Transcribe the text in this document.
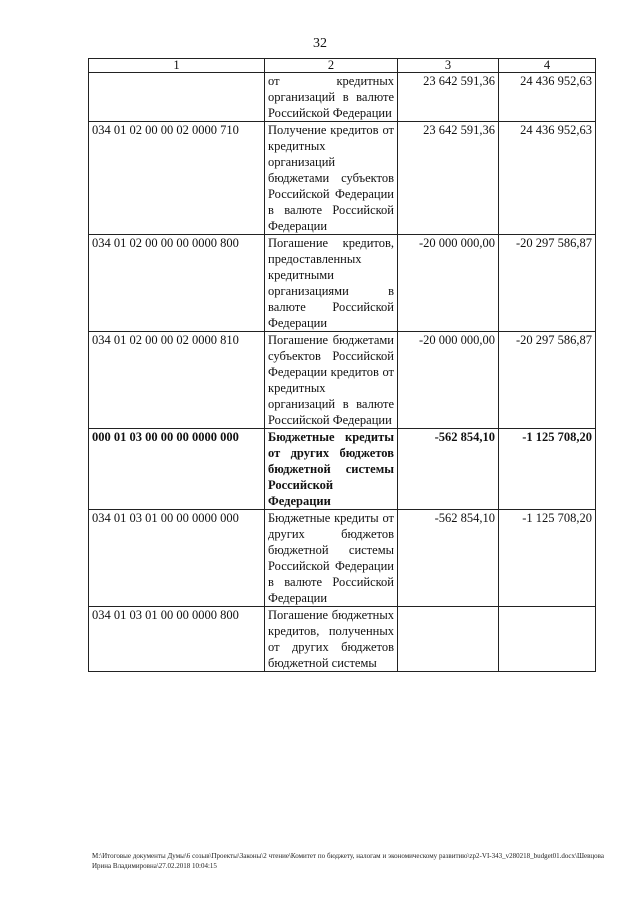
32
1	2	3	4
	от кредитных организаций в валюте Российской Федерации	23 642 591,36	24 436 952,63
034 01 02 00 00 02 0000 710	Получение кредитов от кредитных организаций бюджетами субъектов Российской Федерации в валюте Российской Федерации	23 642 591,36	24 436 952,63
034 01 02 00 00 00 0000 800	Погашение кредитов, предоставленных кредитными организациями в валюте Российской Федерации	-20 000 000,00	-20 297 586,87
034 01 02 00 00 02 0000 810	Погашение бюджетами субъектов Российской Федерации кредитов от кредитных организаций в валюте Российской Федерации	-20 000 000,00	-20 297 586,87
000 01 03 00 00 00 0000 000	Бюджетные кредиты от других бюджетов бюджетной системы Российской Федерации	-562 854,10	-1 125 708,20
034 01 03 01 00 00 0000 000	Бюджетные кредиты от других бюджетов бюджетной системы Российской Федерации в валюте Российской Федерации	-562 854,10	-1 125 708,20
034 01 03 01 00 00 0000 800	Погашение бюджетных кредитов, полученных от других бюджетов бюджетной системы		
M:\Итоговые документы Думы\6 созыв\Проекты\Законы\2 чтение\Комитет по бюджету, налогам и экономическому развитию\zp2-VI-343_v280218_budget01.docx\Шевцова Ирина Владимировна\27.02.2018 10:04:15
